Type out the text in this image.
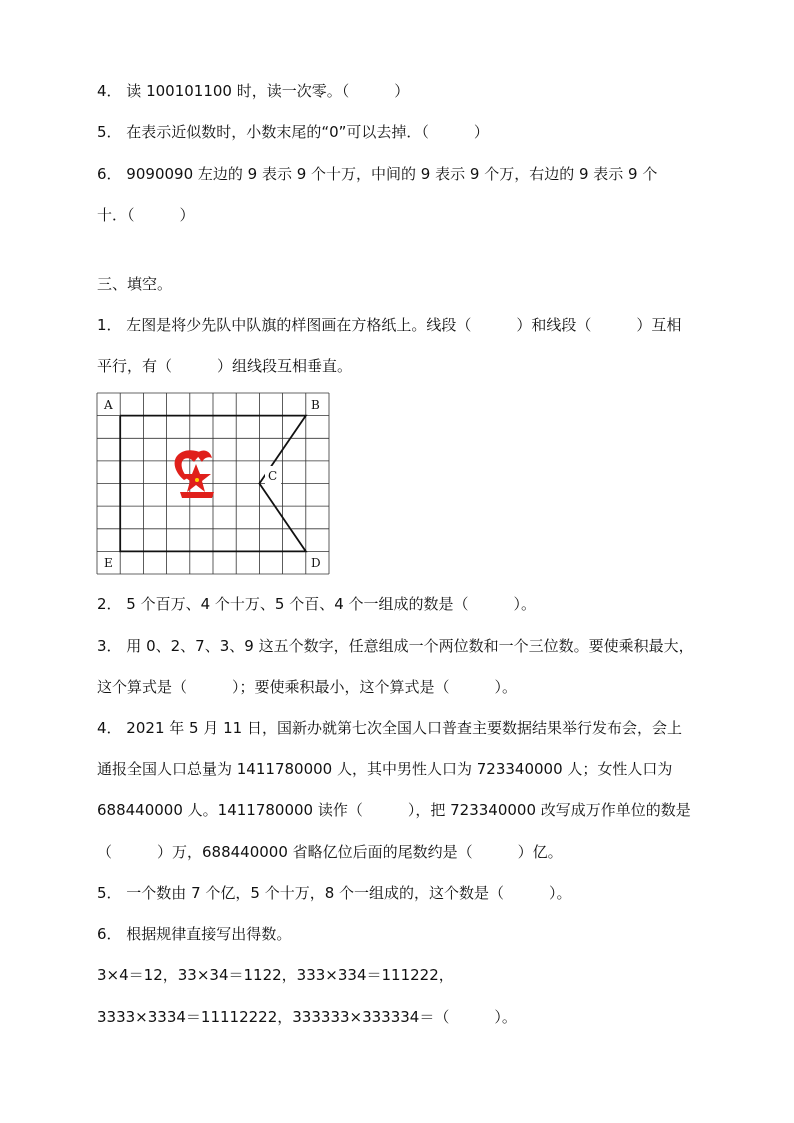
4． 读 100101100 时，读一次零。（　　　）
5． 在表示近似数时，小数末尾的“0”可以去掉．（　　　）
6． 9090090 左边的 9 表示 9 个十万，中间的 9 表示 9 个万，右边的 9 表示 9 个
十．（　　　）
三、填空。
1． 左图是将少先队中队旗的样图画在方格纸上。线段（　　　）和线段（　　　）互相
平行，有（　　　）组线段互相垂直。
A	B
C
D
E
2． 5 个百万、4 个十万、5 个百、4 个一组成的数是（　　　）。
3． 用 0、2、7、3、9 这五个数字，任意组成一个两位数和一个三位数。要使乘积最大，
这个算式是（　　　）；要使乘积最小，这个算式是（　　　）。
4． 2021 年 5 月 11 日，国新办就第七次全国人口普查主要数据结果举行发布会，会上
通报全国人口总量为 1411780000 人，其中男性人口为 723340000 人；女性人口为
688440000 人。1411780000 读作（　　　），把 723340000 改写成万作单位的数是
（　　　）万，688440000 省略亿位后面的尾数约是（　　　）亿。
5． 一个数由 7 个亿，5 个十万，8 个一组成的，这个数是（　　　）。
6． 根据规律直接写出得数。
3×4＝12，33×34＝1122，333×334＝111222，
3333×3334＝11112222，333333×333334＝（　　　）。
